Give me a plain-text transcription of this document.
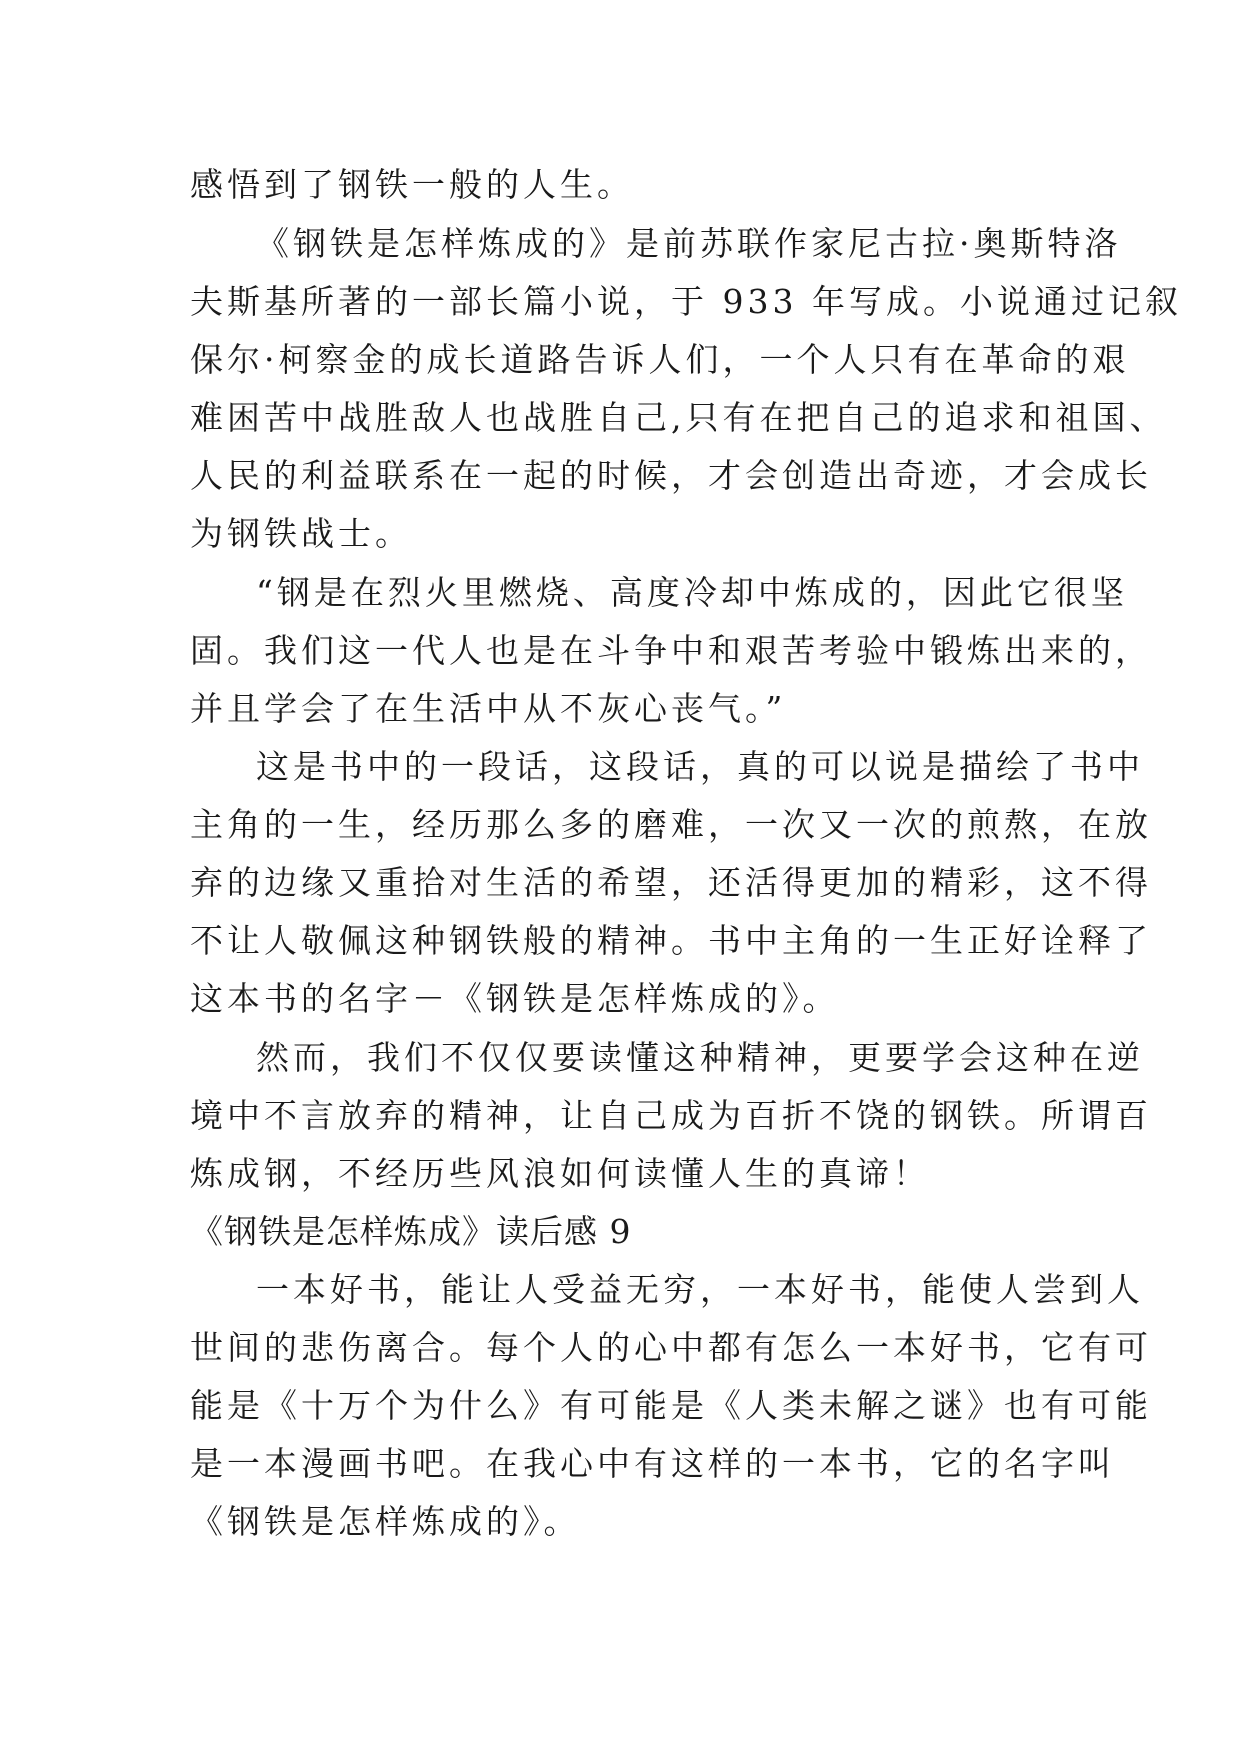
感悟到了钢铁一般的人生。
《钢铁是怎样炼成的》是前苏联作家尼古拉·奥斯特洛
夫斯基所著的一部长篇小说，于 933 年写成。小说通过记叙
保尔·柯察金的成长道路告诉人们，一个人只有在革命的艰
难困苦中战胜敌人也战胜自己,只有在把自己的追求和祖国、
人民的利益联系在一起的时候，才会创造出奇迹，才会成长
为钢铁战士。
“钢是在烈火里燃烧、高度冷却中炼成的，因此它很坚
固。我们这一代人也是在斗争中和艰苦考验中锻炼出来的，
并且学会了在生活中从不灰心丧气。”
这是书中的一段话，这段话，真的可以说是描绘了书中
主角的一生，经历那么多的磨难，一次又一次的煎熬，在放
弃的边缘又重拾对生活的希望，还活得更加的精彩，这不得
不让人敬佩这种钢铁般的精神。书中主角的一生正好诠释了
这本书的名字－《钢铁是怎样炼成的》。
然而，我们不仅仅要读懂这种精神，更要学会这种在逆
境中不言放弃的精神，让自己成为百折不饶的钢铁。所谓百
炼成钢，不经历些风浪如何读懂人生的真谛！
《钢铁是怎样炼成》读后感 9
一本好书，能让人受益无穷，一本好书，能使人尝到人
世间的悲伤离合。每个人的心中都有怎么一本好书，它有可
能是《十万个为什么》有可能是《人类未解之谜》也有可能
是一本漫画书吧。在我心中有这样的一本书，它的名字叫
《钢铁是怎样炼成的》。
